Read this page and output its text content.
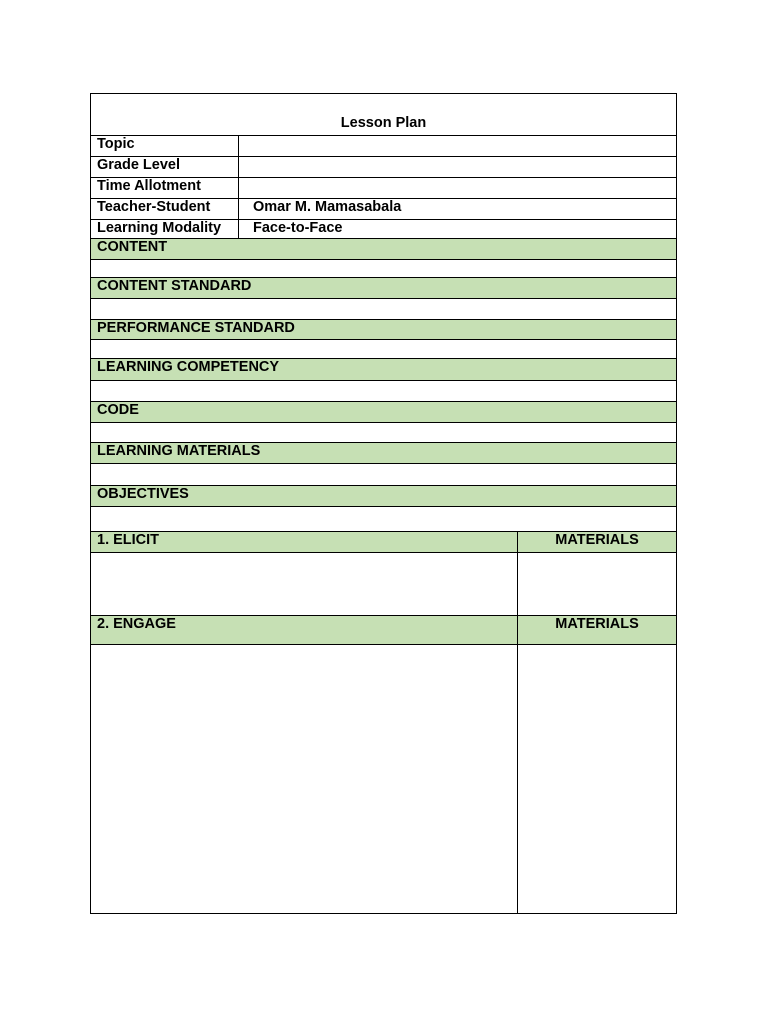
Lesson Plan
Topic
Grade Level
Time Allotment
Teacher-Student	Omar M. Mamasabala
Learning Modality	Face-to-Face
CONTENT
CONTENT STANDARD
PERFORMANCE STANDARD
LEARNING COMPETENCY
CODE
LEARNING MATERIALS
OBJECTIVES
1. ELICIT	MATERIALS
2. ENGAGE	MATERIALS
